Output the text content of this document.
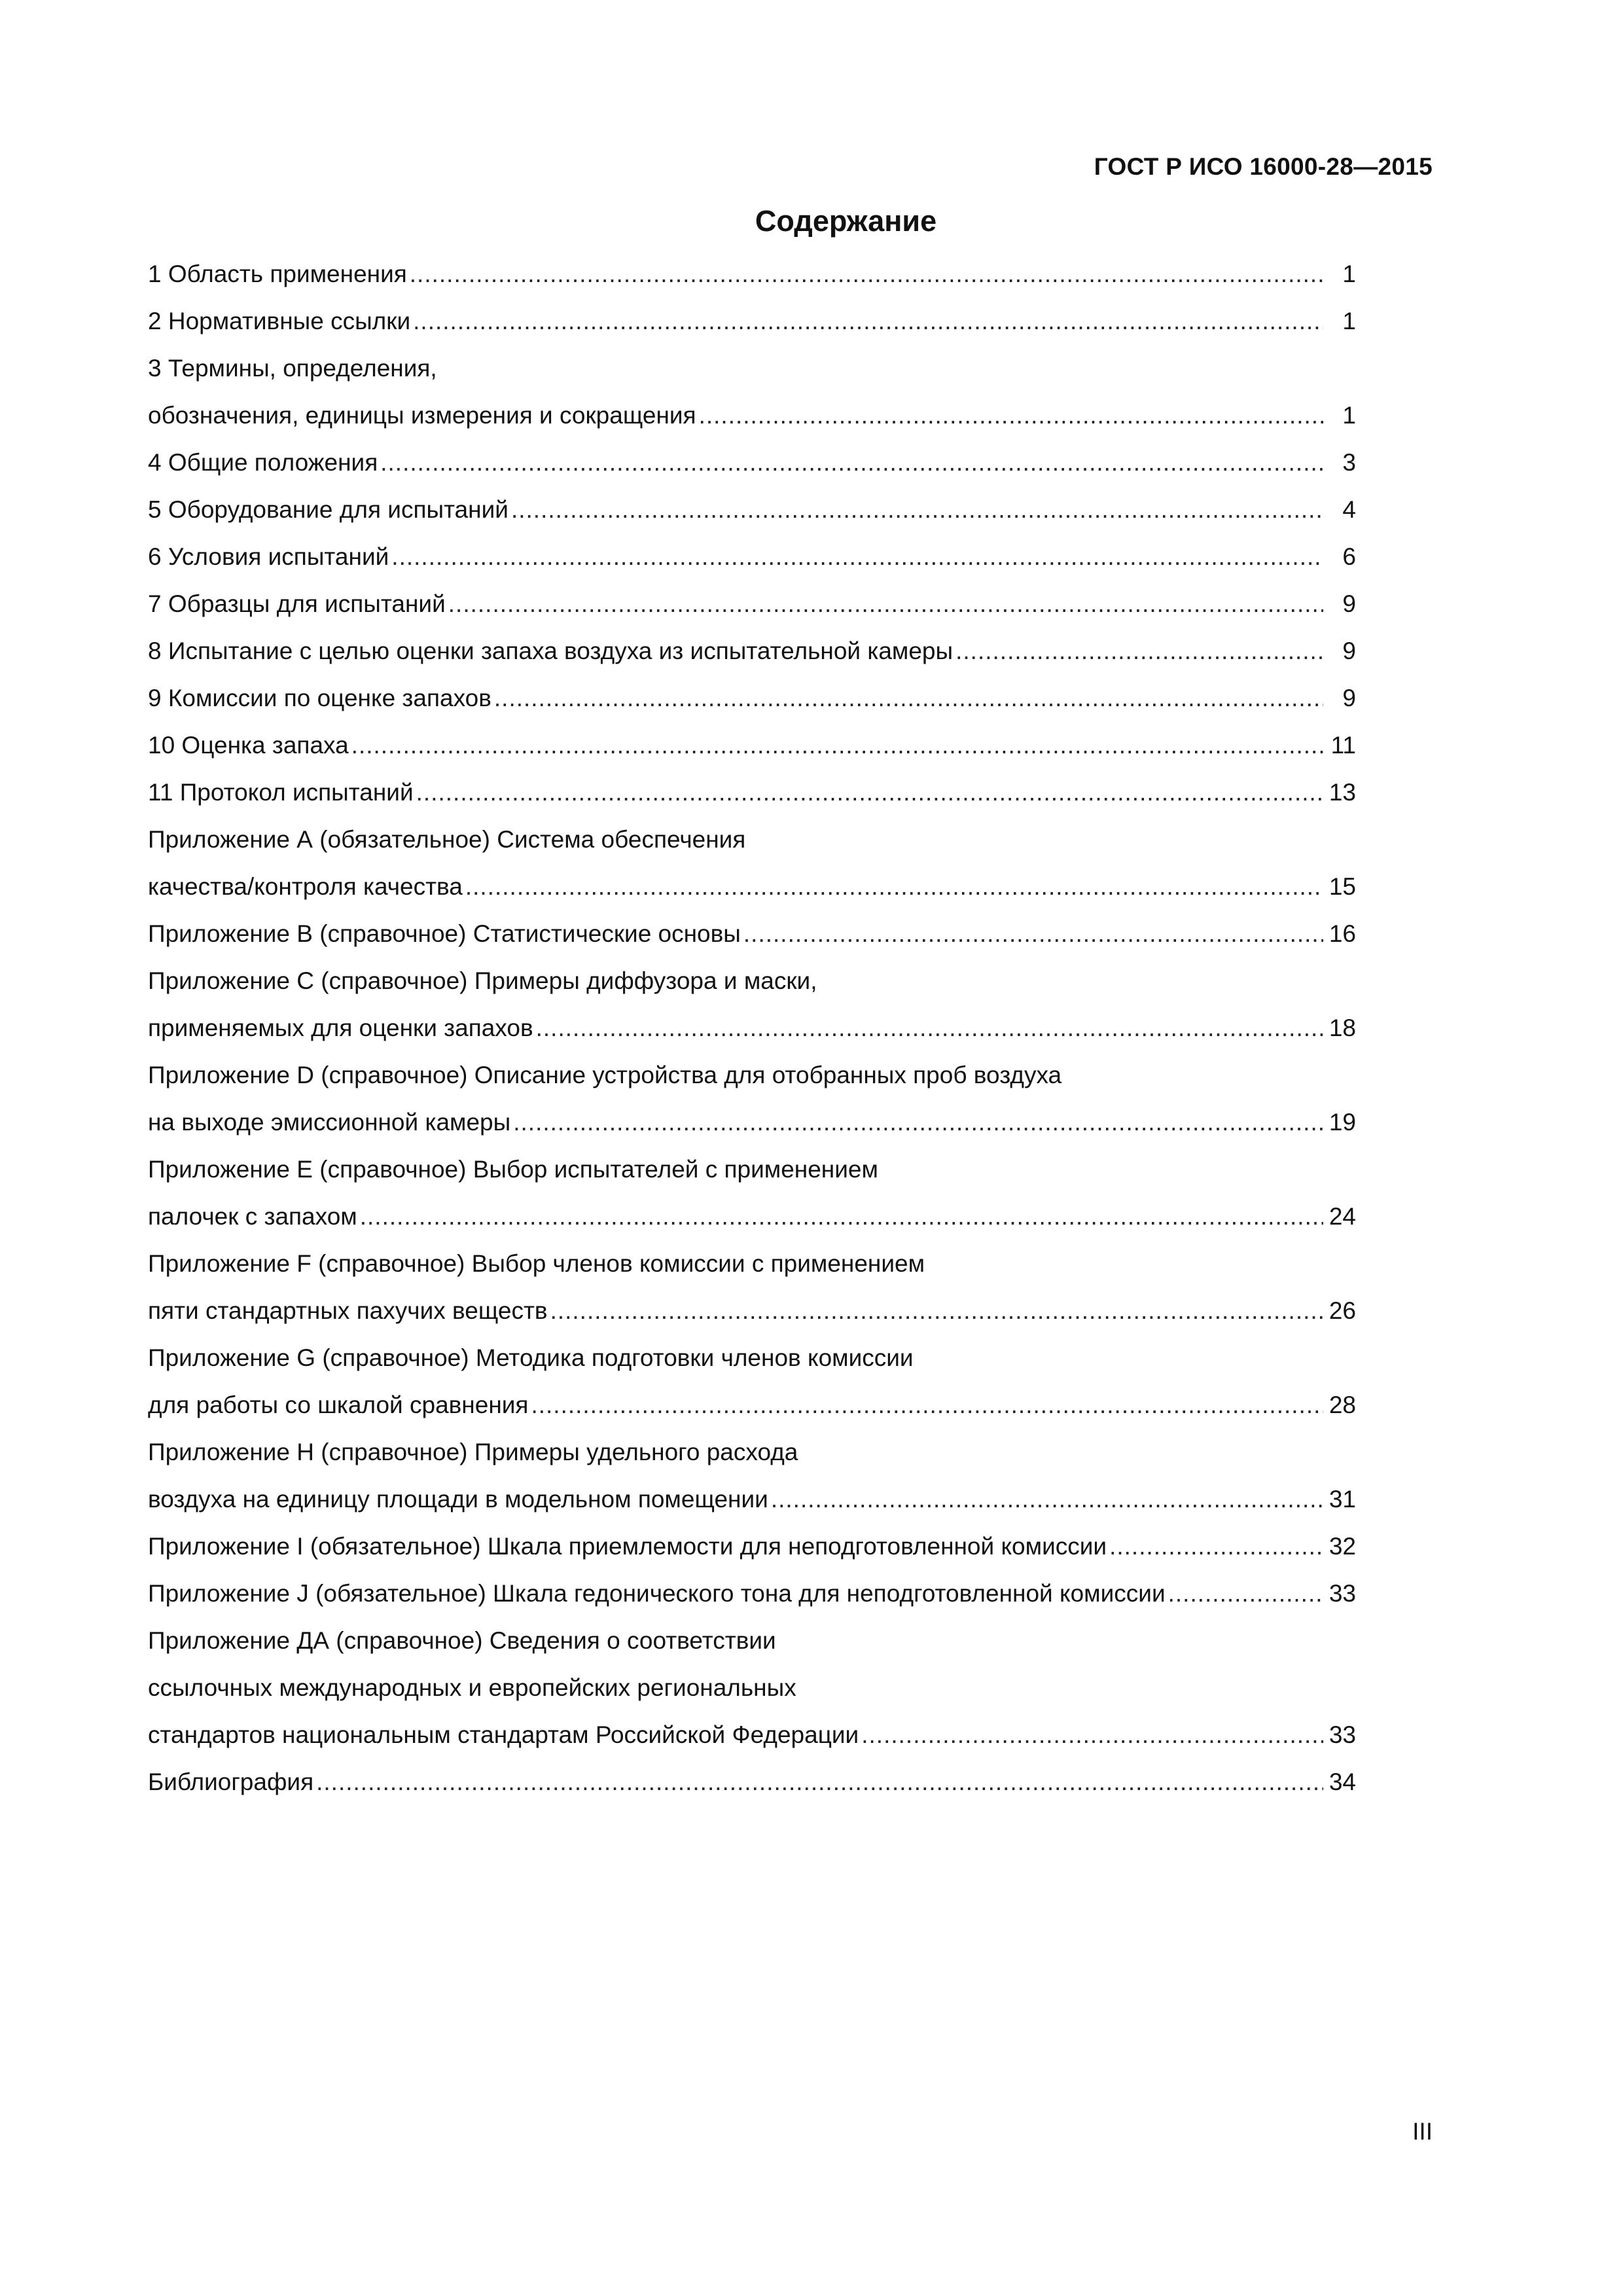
ГОСТ Р ИСО 16000-28—2015
Содержание
1 Область применения .....	1
2 Нормативные ссылки .....	1
3 Термины, определения,
обозначения, единицы измерения и сокращения .....	1
4 Общие положения .....	3
5 Оборудование для испытаний .....	4
6 Условия испытаний .....	6
7 Образцы для испытаний .....	9
8 Испытание с целью оценки запаха воздуха из испытательной камеры .....	9
9 Комиссии по оценке запахов .....	9
10 Оценка запаха .....	11
11 Протокол испытаний .....	13
Приложение А (обязательное) Система обеспечения
качества/контроля качества .....	15
Приложение В (справочное) Статистические основы .....	16
Приложение С (справочное) Примеры диффузора и маски,
применяемых для оценки запахов .....	18
Приложение D (справочное) Описание устройства для отобранных проб воздуха
на выходе эмиссионной камеры .....	19
Приложение Е (справочное) Выбор испытателей с применением
палочек с запахом .....	24
Приложение F (справочное) Выбор членов комиссии с применением
пяти стандартных пахучих веществ .....	26
Приложение G (справочное) Методика подготовки членов комиссии
для работы со шкалой сравнения .....	28
Приложение Н (справочное) Примеры удельного расхода
воздуха на единицу площади в модельном помещении .....	31
Приложение I (обязательное) Шкала приемлемости для неподготовленной комиссии .....	32
Приложение J (обязательное) Шкала гедонического тона для неподготовленной комиссии .....	33
Приложение ДА (справочное) Сведения о соответствии
ссылочных международных и европейских региональных
стандартов национальным стандартам Российской Федерации .....	33
Библиография .....	34
III
